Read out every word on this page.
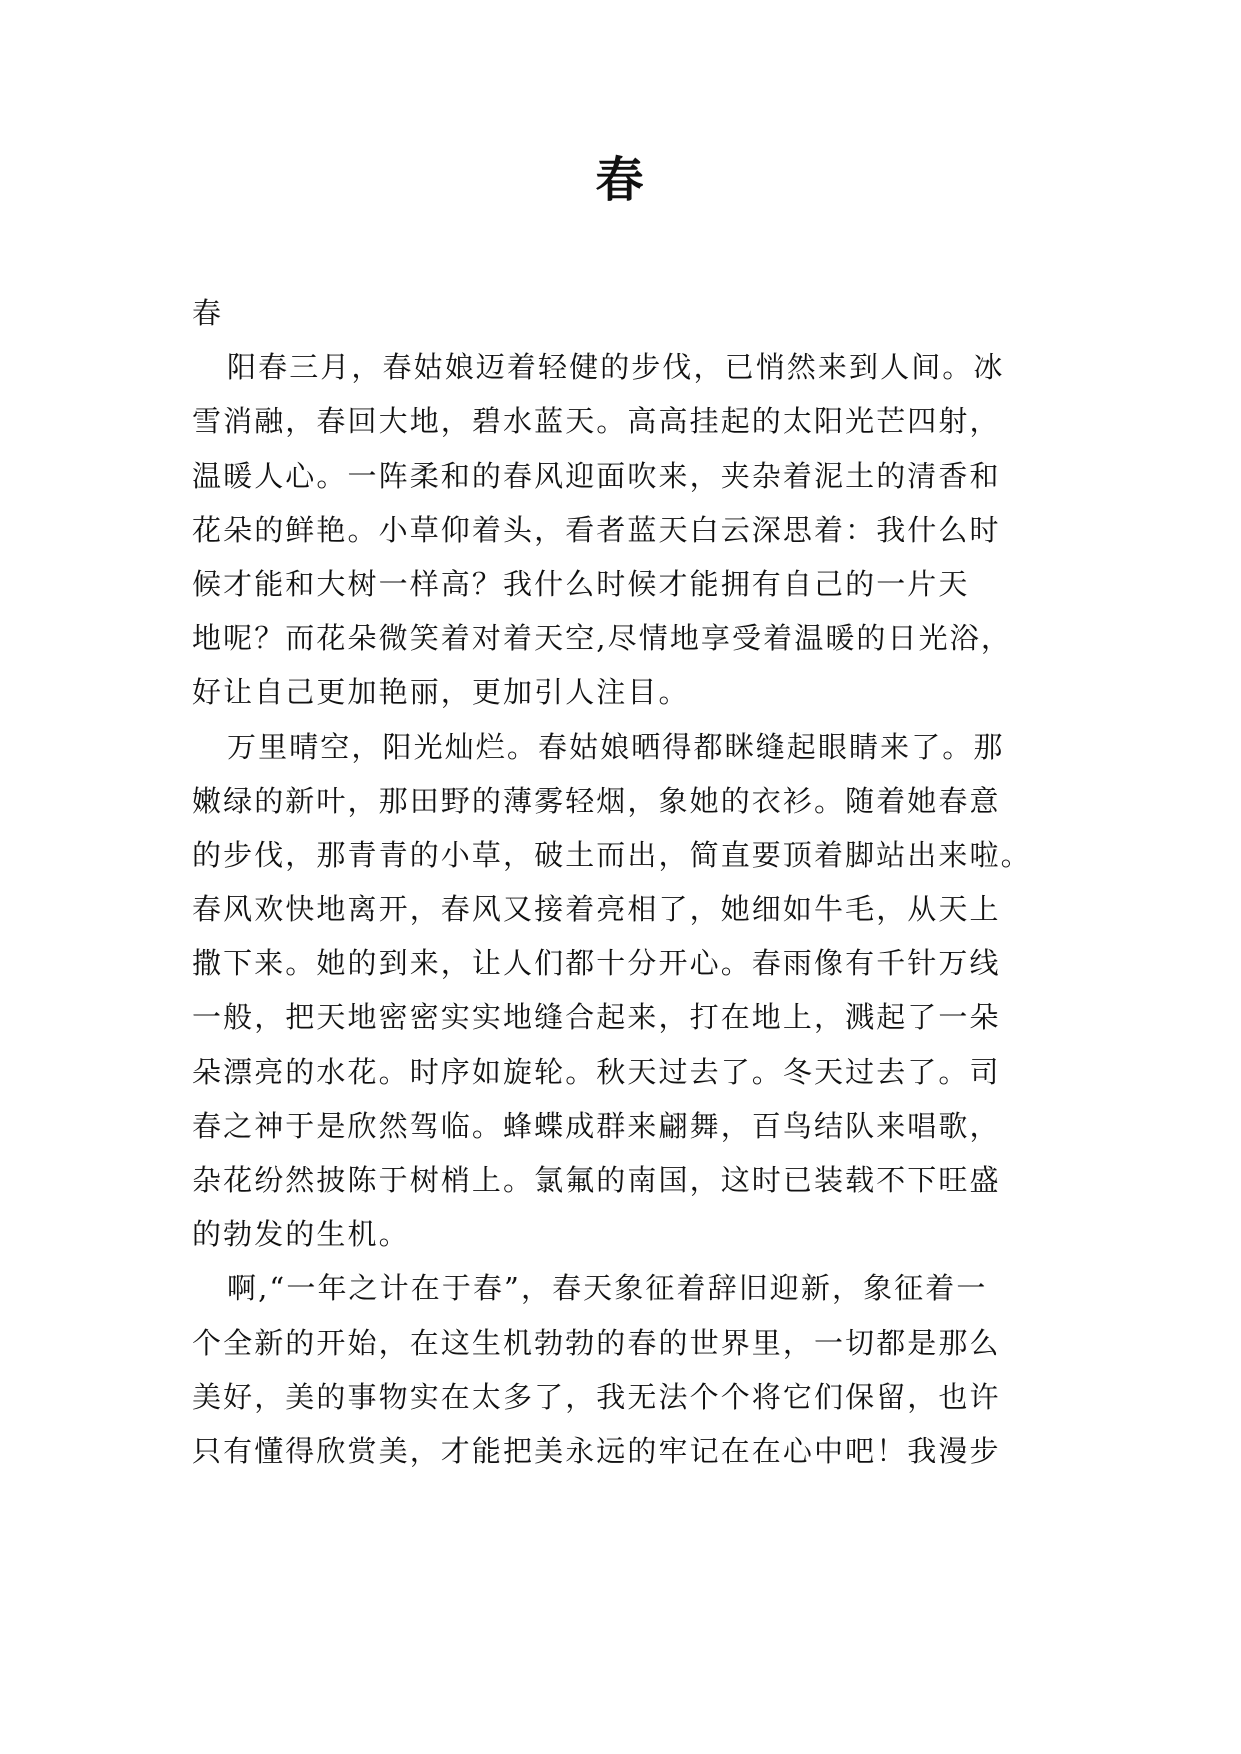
春
春
阳春三月，春姑娘迈着轻健的步伐，已悄然来到人间。冰
雪消融，春回大地，碧水蓝天。高高挂起的太阳光芒四射，
温暖人心。一阵柔和的春风迎面吹来，夹杂着泥土的清香和
花朵的鲜艳。小草仰着头，看者蓝天白云深思着：我什么时
候才能和大树一样高？我什么时候才能拥有自己的一片天
地呢？而花朵微笑着对着天空,尽情地享受着温暖的日光浴，
好让自己更加艳丽，更加引人注目。
万里晴空，阳光灿烂。春姑娘晒得都眯缝起眼睛来了。那
嫩绿的新叶，那田野的薄雾轻烟，象她的衣衫。随着她春意
的步伐，那青青的小草，破土而出，简直要顶着脚站出来啦。
春风欢快地离开，春风又接着亮相了，她细如牛毛，从天上
撒下来。她的到来，让人们都十分开心。春雨像有千针万线
一般，把天地密密实实地缝合起来，打在地上，溅起了一朵
朵漂亮的水花。时序如旋轮。秋天过去了。冬天过去了。司
春之神于是欣然驾临。蜂蝶成群来翩舞，百鸟结队来唱歌，
杂花纷然披陈于树梢上。氯氟的南国，这时已装载不下旺盛
的勃发的生机。
啊,“一年之计在于春”，春天象征着辞旧迎新，象征着一
个全新的开始，在这生机勃勃的春的世界里，一切都是那么
美好，美的事物实在太多了，我无法个个将它们保留，也许
只有懂得欣赏美，才能把美永远的牢记在在心中吧！我漫步
